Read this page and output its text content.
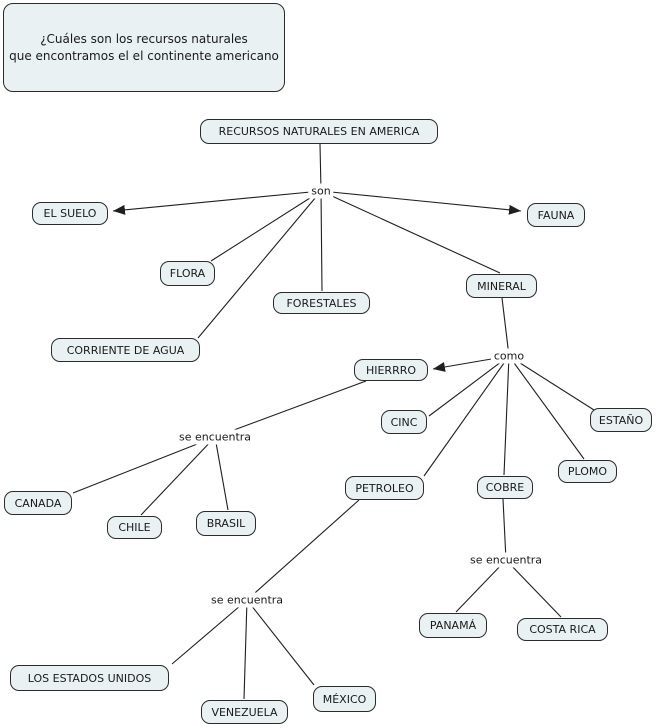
¿Cuáles son los recursos naturales
que encontramos el el continente americano
RECURSOS NATURALES EN AMERICA
EL SUELO
FLORA
FORESTALES
CORRIENTE DE AGUA
FAUNA
MINERAL
HIERRRO
CINC	ESTAÑO
PLOMO
COBRE
PETROLEO
CANADA
CHILE	BRASIL
LOS ESTADOS UNIDOS
VENEZUELA
MÉXICO
PANAMÁ	COSTA RICA
son
como
se encuentra
se encuentra
se encuentra
